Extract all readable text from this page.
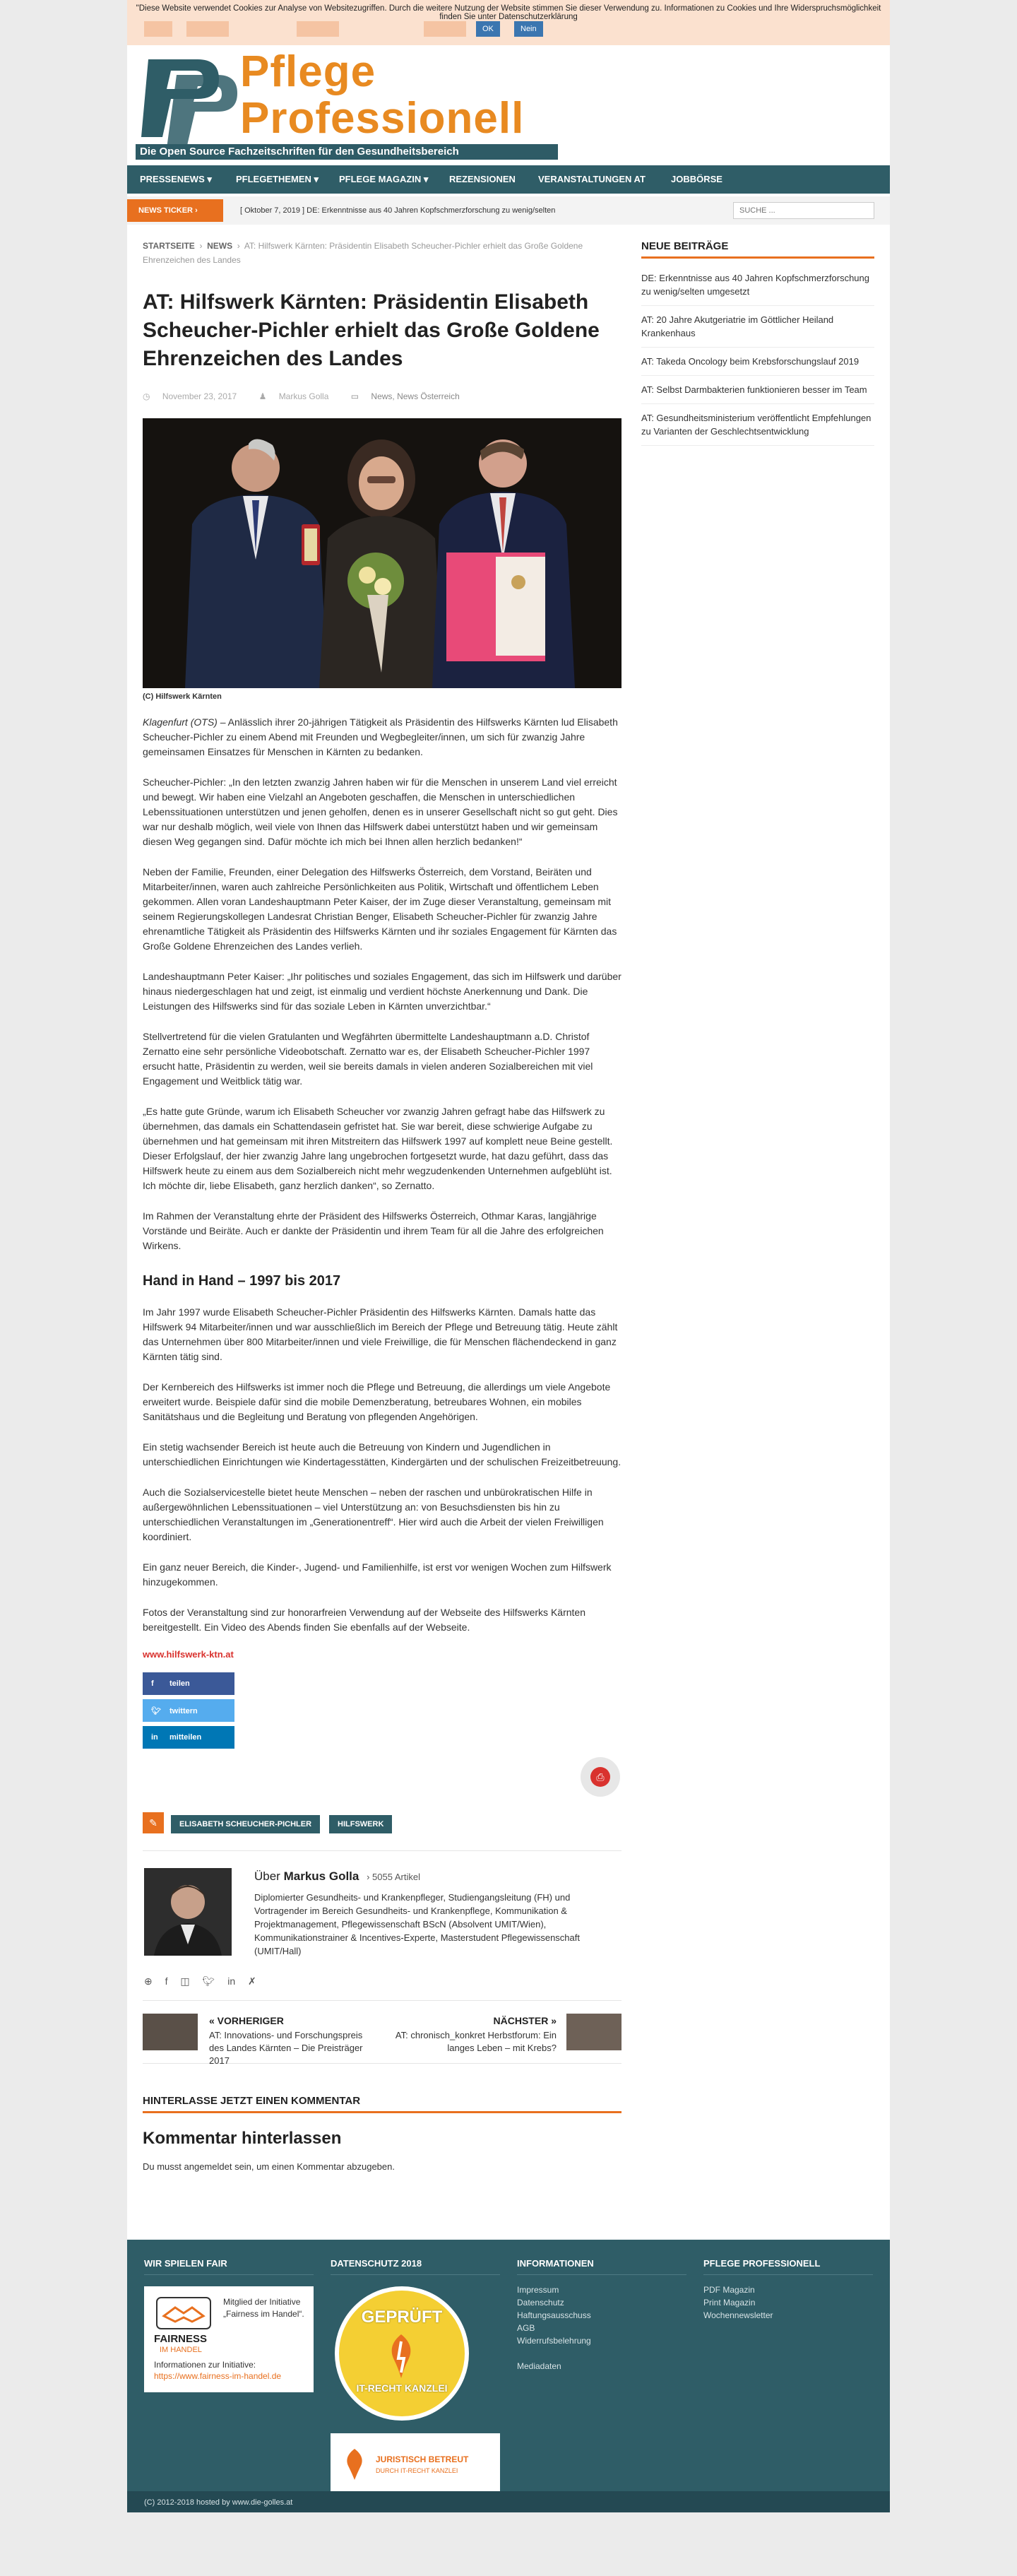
"Diese Website verwendet Cookies zur Analyse von Websitezugriffen. Durch die weitere Nutzung der Website stimmen Sie dieser Verwendung zu. Informationen zu Cookies und Ihre Widerspruchsmöglichkeit finden Sie unter Datenschutzerklärung
OK	Nein
Pflege
Professionell
Die Open Source Fachzeitschriften für den Gesundheitsbereich
PRESSENEWS ▾	PFLEGETHEMEN ▾ PFLEGE MAGAZIN ▾ REZENSIONEN VERANSTALTUNGEN AT	JOBBÖRSE
NEWS TICKER ›	[ Oktober 7, 2019 ] DE: Erkenntnisse aus 40 Jahren Kopfschmerzforschung zu wenig/selten
SUCHE ...
STARTSEITE › NEWS › AT: Hilfswerk Kärnten: Präsidentin Elisabeth Scheucher-Pichler erhielt das Große Goldene Ehrenzeichen des Landes
AT: Hilfswerk Kärnten: Präsidentin Elisabeth Scheucher-Pichler erhielt das Große Goldene Ehrenzeichen des Landes
◷ November 23, 2017	♟ Markus Golla	▭ News, News Österreich
(C) Hilfswerk Kärnten

Klagenfurt (OTS) – Anlässlich ihrer 20-jährigen Tätigkeit als Präsidentin des Hilfswerks Kärnten lud Elisabeth Scheucher-Pichler zu einem Abend mit Freunden und Wegbegleiter/innen, um sich für zwanzig Jahre gemeinsamen Einsatzes für Menschen in Kärnten zu bedanken.

Scheucher-Pichler: „In den letzten zwanzig Jahren haben wir für die Menschen in unserem Land viel erreicht und bewegt. Wir haben eine Vielzahl an Angeboten geschaffen, die Menschen in unterschiedlichen Lebenssituationen unterstützen und jenen geholfen, denen es in unserer Gesellschaft nicht so gut geht. Dies war nur deshalb möglich, weil viele von Ihnen das Hilfswerk dabei unterstützt haben und wir gemeinsam diesen Weg gegangen sind. Dafür möchte ich mich bei Ihnen allen herzlich bedanken!“

Neben der Familie, Freunden, einer Delegation des Hilfswerks Österreich, dem Vorstand, Beiräten und Mitarbeiter/innen, waren auch zahlreiche Persönlichkeiten aus Politik, Wirtschaft und öffentlichem Leben gekommen. Allen voran Landeshauptmann Peter Kaiser, der im Zuge dieser Veranstaltung, gemeinsam mit seinem Regierungskollegen Landesrat Christian Benger, Elisabeth Scheucher-Pichler für zwanzig Jahre ehrenamtliche Tätigkeit als Präsidentin des Hilfswerks Kärnten und ihr soziales Engagement für Kärnten das Große Goldene Ehrenzeichen des Landes verlieh.

Landeshauptmann Peter Kaiser: „Ihr politisches und soziales Engagement, das sich im Hilfswerk und darüber hinaus niedergeschlagen hat und zeigt, ist einmalig und verdient höchste Anerkennung und Dank. Die Leistungen des Hilfswerks sind für das soziale Leben in Kärnten unverzichtbar.“

Stellvertretend für die vielen Gratulanten und Wegfährten übermittelte Landeshauptmann a.D. Christof Zernatto eine sehr persönliche Videobotschaft. Zernatto war es, der Elisabeth Scheucher-Pichler 1997 ersucht hatte, Präsidentin zu werden, weil sie bereits damals in vielen anderen Sozialbereichen mit viel Engagement und Weitblick tätig war.

„Es hatte gute Gründe, warum ich Elisabeth Scheucher vor zwanzig Jahren gefragt habe das Hilfswerk zu übernehmen, das damals ein Schattendasein gefristet hat. Sie war bereit, diese schwierige Aufgabe zu übernehmen und hat gemeinsam mit ihren Mitstreitern das Hilfswerk 1997 auf komplett neue Beine gestellt. Dieser Erfolgslauf, der hier zwanzig Jahre lang ungebrochen fortgesetzt wurde, hat dazu geführt, dass das Hilfswerk heute zu einem aus dem Sozialbereich nicht mehr wegzudenkenden Unternehmen aufgeblüht ist. Ich möchte dir, liebe Elisabeth, ganz herzlich danken“, so Zernatto.

Im Rahmen der Veranstaltung ehrte der Präsident des Hilfswerks Österreich, Othmar Karas, langjährige Vorstände und Beiräte. Auch er dankte der Präsidentin und ihrem Team für all die Jahre des erfolgreichen Wirkens.

Hand in Hand – 1997 bis 2017

Im Jahr 1997 wurde Elisabeth Scheucher-Pichler Präsidentin des Hilfswerks Kärnten. Damals hatte das Hilfswerk 94 Mitarbeiter/innen und war ausschließlich im Bereich der Pflege und Betreuung tätig. Heute zählt das Unternehmen über 800 Mitarbeiter/innen und viele Freiwillige, die für Menschen flächendeckend in ganz Kärnten tätig sind.

Der Kernbereich des Hilfswerks ist immer noch die Pflege und Betreuung, die allerdings um viele Angebote erweitert wurde. Beispiele dafür sind die mobile Demenzberatung, betreubares Wohnen, ein mobiles Sanitätshaus und die Begleitung und Beratung von pflegenden Angehörigen.

Ein stetig wachsender Bereich ist heute auch die Betreuung von Kindern und Jugendlichen in unterschiedlichen Einrichtungen wie Kindertagesstätten, Kindergärten und der schulischen Freizeitbetreuung.

Auch die Sozialservicestelle bietet heute Menschen – neben der raschen und unbürokratischen Hilfe in außergewöhnlichen Lebenssituationen – viel Unterstützung an: von Besuchsdiensten bis hin zu unterschiedlichen Veranstaltungen im „Generationentreff“. Hier wird auch die Arbeit der vielen Freiwilligen koordiniert.

Ein ganz neuer Bereich, die Kinder-, Jugend- und Familienhilfe, ist erst vor wenigen Wochen zum Hilfswerk hinzugekommen.

Fotos der Veranstaltung sind zur honorarfreien Verwendung auf der Webseite des Hilfswerks Kärnten bereitgestellt. Ein Video des Abends finden Sie ebenfalls auf der Webseite.

www.hilfswerk-ktn.at
f teilen
🐦︎ twittern
in mitteilen
⎙
✎	ELISABETH SCHEUCHER-PICHLER	HILFSWERK
Über Markus Golla › 5055 Artikel
Diplomierter Gesundheits- und Krankenpfleger, Studiengangsleitung (FH) und Vortragender im Bereich Gesundheits- und Krankenpflege, Kommunikation & Projektmanagement, Pflegewissenschaft BScN (Absolvent UMIT/Wien), Kommunikationstrainer & Incentives-Experte, Masterstudent Pflegewissenschaft (UMIT/Hall)
⊕ f ◫ 🐦︎ in ✗
« VORHERIGER
AT: Innovations- und Forschungspreis des Landes Kärnten – Die Preisträger 2017
NÄCHSTER »
AT: chronisch_konkret Herbstforum: Ein langes Leben – mit Krebs?
HINTERLASSE JETZT EINEN KOMMENTAR
Kommentar hinterlassen

Du musst angemeldet sein, um einen Kommentar abzugeben.

NEUE BEITRÄGE
DE: Erkenntnisse aus 40 Jahren Kopfschmerzforschung zu wenig/selten umgesetzt
AT: 20 Jahre Akutgeriatrie im Göttlicher Heiland Krankenhaus
AT: Takeda Oncology beim Krebsforschungslauf 2019
AT: Selbst Darmbakterien funktionieren besser im Team
AT: Gesundheitsministerium veröffentlicht Empfehlungen zu Varianten der Geschlechtsentwicklung
WIR SPIELEN FAIR
FAIRNESS
IM HANDEL
Mitglied der Initiative „Fairness im Handel“.
Informationen zur Initiative:
https://www.fairness-im-handel.de
DATENSCHUTZ 2018
GEPRÜFT
IT-RECHT KANZLEI
JURISTISCH BETREUT
DURCH IT-RECHT KANZLEI
INFORMATIONEN
Impressum
Datenschutz
Haftungsausschuss
AGB
Widerrufsbelehrung
Mediadaten
PFLEGE PROFESSIONELL
PDF Magazin
Print Magazin
Wochennewsletter
(C) 2012-2018 hosted by www.die-golles.at
